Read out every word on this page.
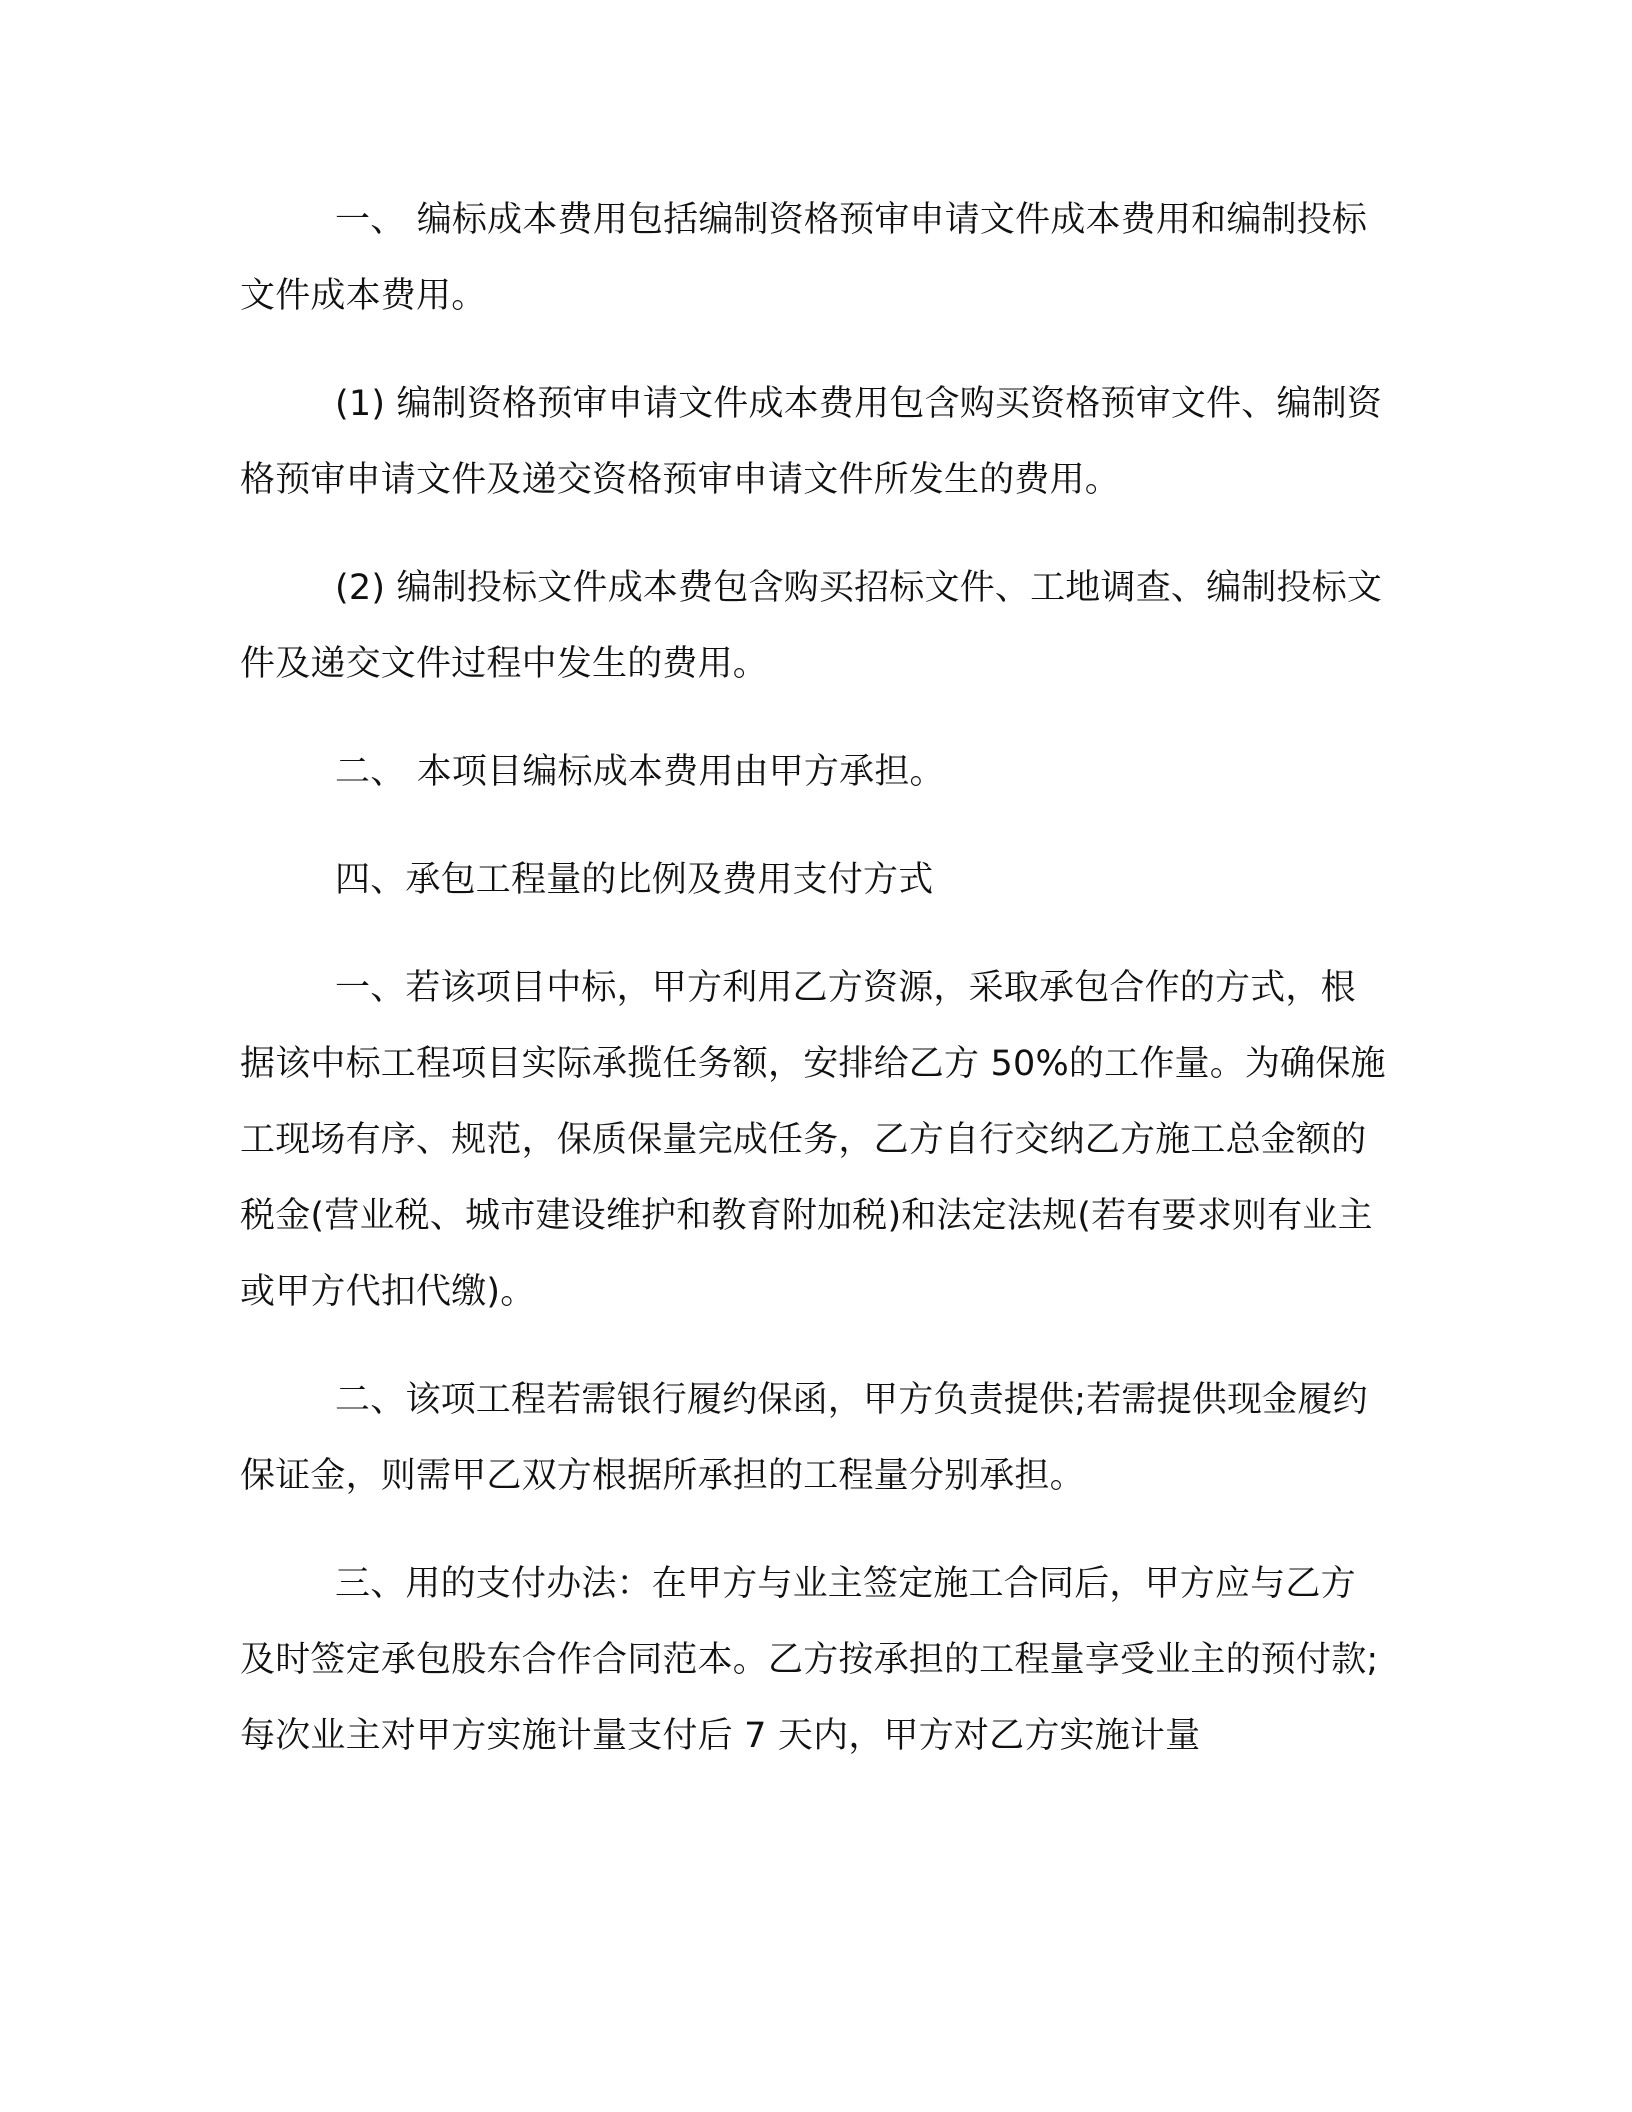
一、 编标成本费用包括编制资格预审申请文件成本费用和编制投标文件成本费用。

(1) 编制资格预审申请文件成本费用包含购买资格预审文件、编制资格预审申请文件及递交资格预审申请文件所发生的费用。

(2) 编制投标文件成本费包含购买招标文件、工地调查、编制投标文件及递交文件过程中发生的费用。

二、 本项目编标成本费用由甲方承担。

四、承包工程量的比例及费用支付方式

一、若该项目中标，甲方利用乙方资源，采取承包合作的方式，根据该中标工程项目实际承揽任务额，安排给乙方 50%的工作量。为确保施工现场有序、规范，保质保量完成任务，乙方自行交纳乙方施工总金额的税金(营业税、城市建设维护和教育附加税)和法定法规(若有要求则有业主或甲方代扣代缴)。

二、该项工程若需银行履约保函，甲方负责提供;若需提供现金履约保证金，则需甲乙双方根据所承担的工程量分别承担。

三、用的支付办法：在甲方与业主签定施工合同后，甲方应与乙方及时签定承包股东合作合同范本。乙方按承担的工程量享受业主的预付款;每次业主对甲方实施计量支付后 7 天内，甲方对乙方实施计量
